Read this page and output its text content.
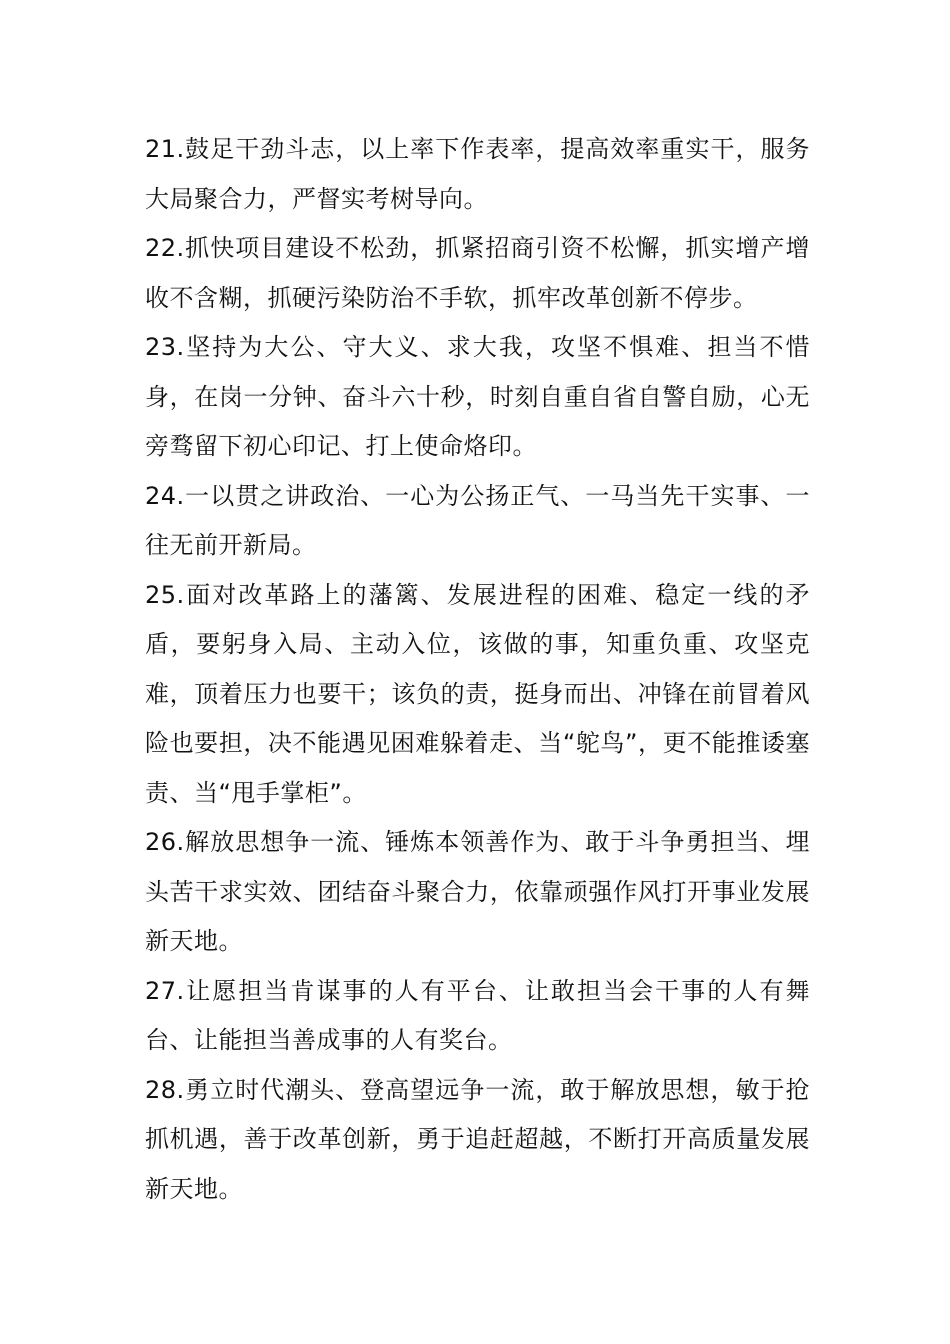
21.鼓足干劲斗志，以上率下作表率，提高效率重实干，服务大局聚合力，严督实考树导向。

22.抓快项目建设不松劲，抓紧招商引资不松懈，抓实增产增收不含糊，抓硬污染防治不手软，抓牢改革创新不停步。

23.坚持为大公、守大义、求大我，攻坚不惧难、担当不惜身，在岗一分钟、奋斗六十秒，时刻自重自省自警自励，心无旁骛留下初心印记、打上使命烙印。

24.一以贯之讲政治、一心为公扬正气、一马当先干实事、一往无前开新局。

25.面对改革路上的藩篱、发展进程的困难、稳定一线的矛盾，要躬身入局、主动入位，该做的事，知重负重、攻坚克难，顶着压力也要干；该负的责，挺身而出、冲锋在前冒着风险也要担，决不能遇见困难躲着走、当“鸵鸟”，更不能推诿塞责、当“甩手掌柜”。

26.解放思想争一流、锤炼本领善作为、敢于斗争勇担当、埋头苦干求实效、团结奋斗聚合力，依靠顽强作风打开事业发展新天地。

27.让愿担当肯谋事的人有平台、让敢担当会干事的人有舞台、让能担当善成事的人有奖台。

28.勇立时代潮头、登高望远争一流，敢于解放思想，敏于抢抓机遇，善于改革创新，勇于追赶超越，不断打开高质量发展新天地。
